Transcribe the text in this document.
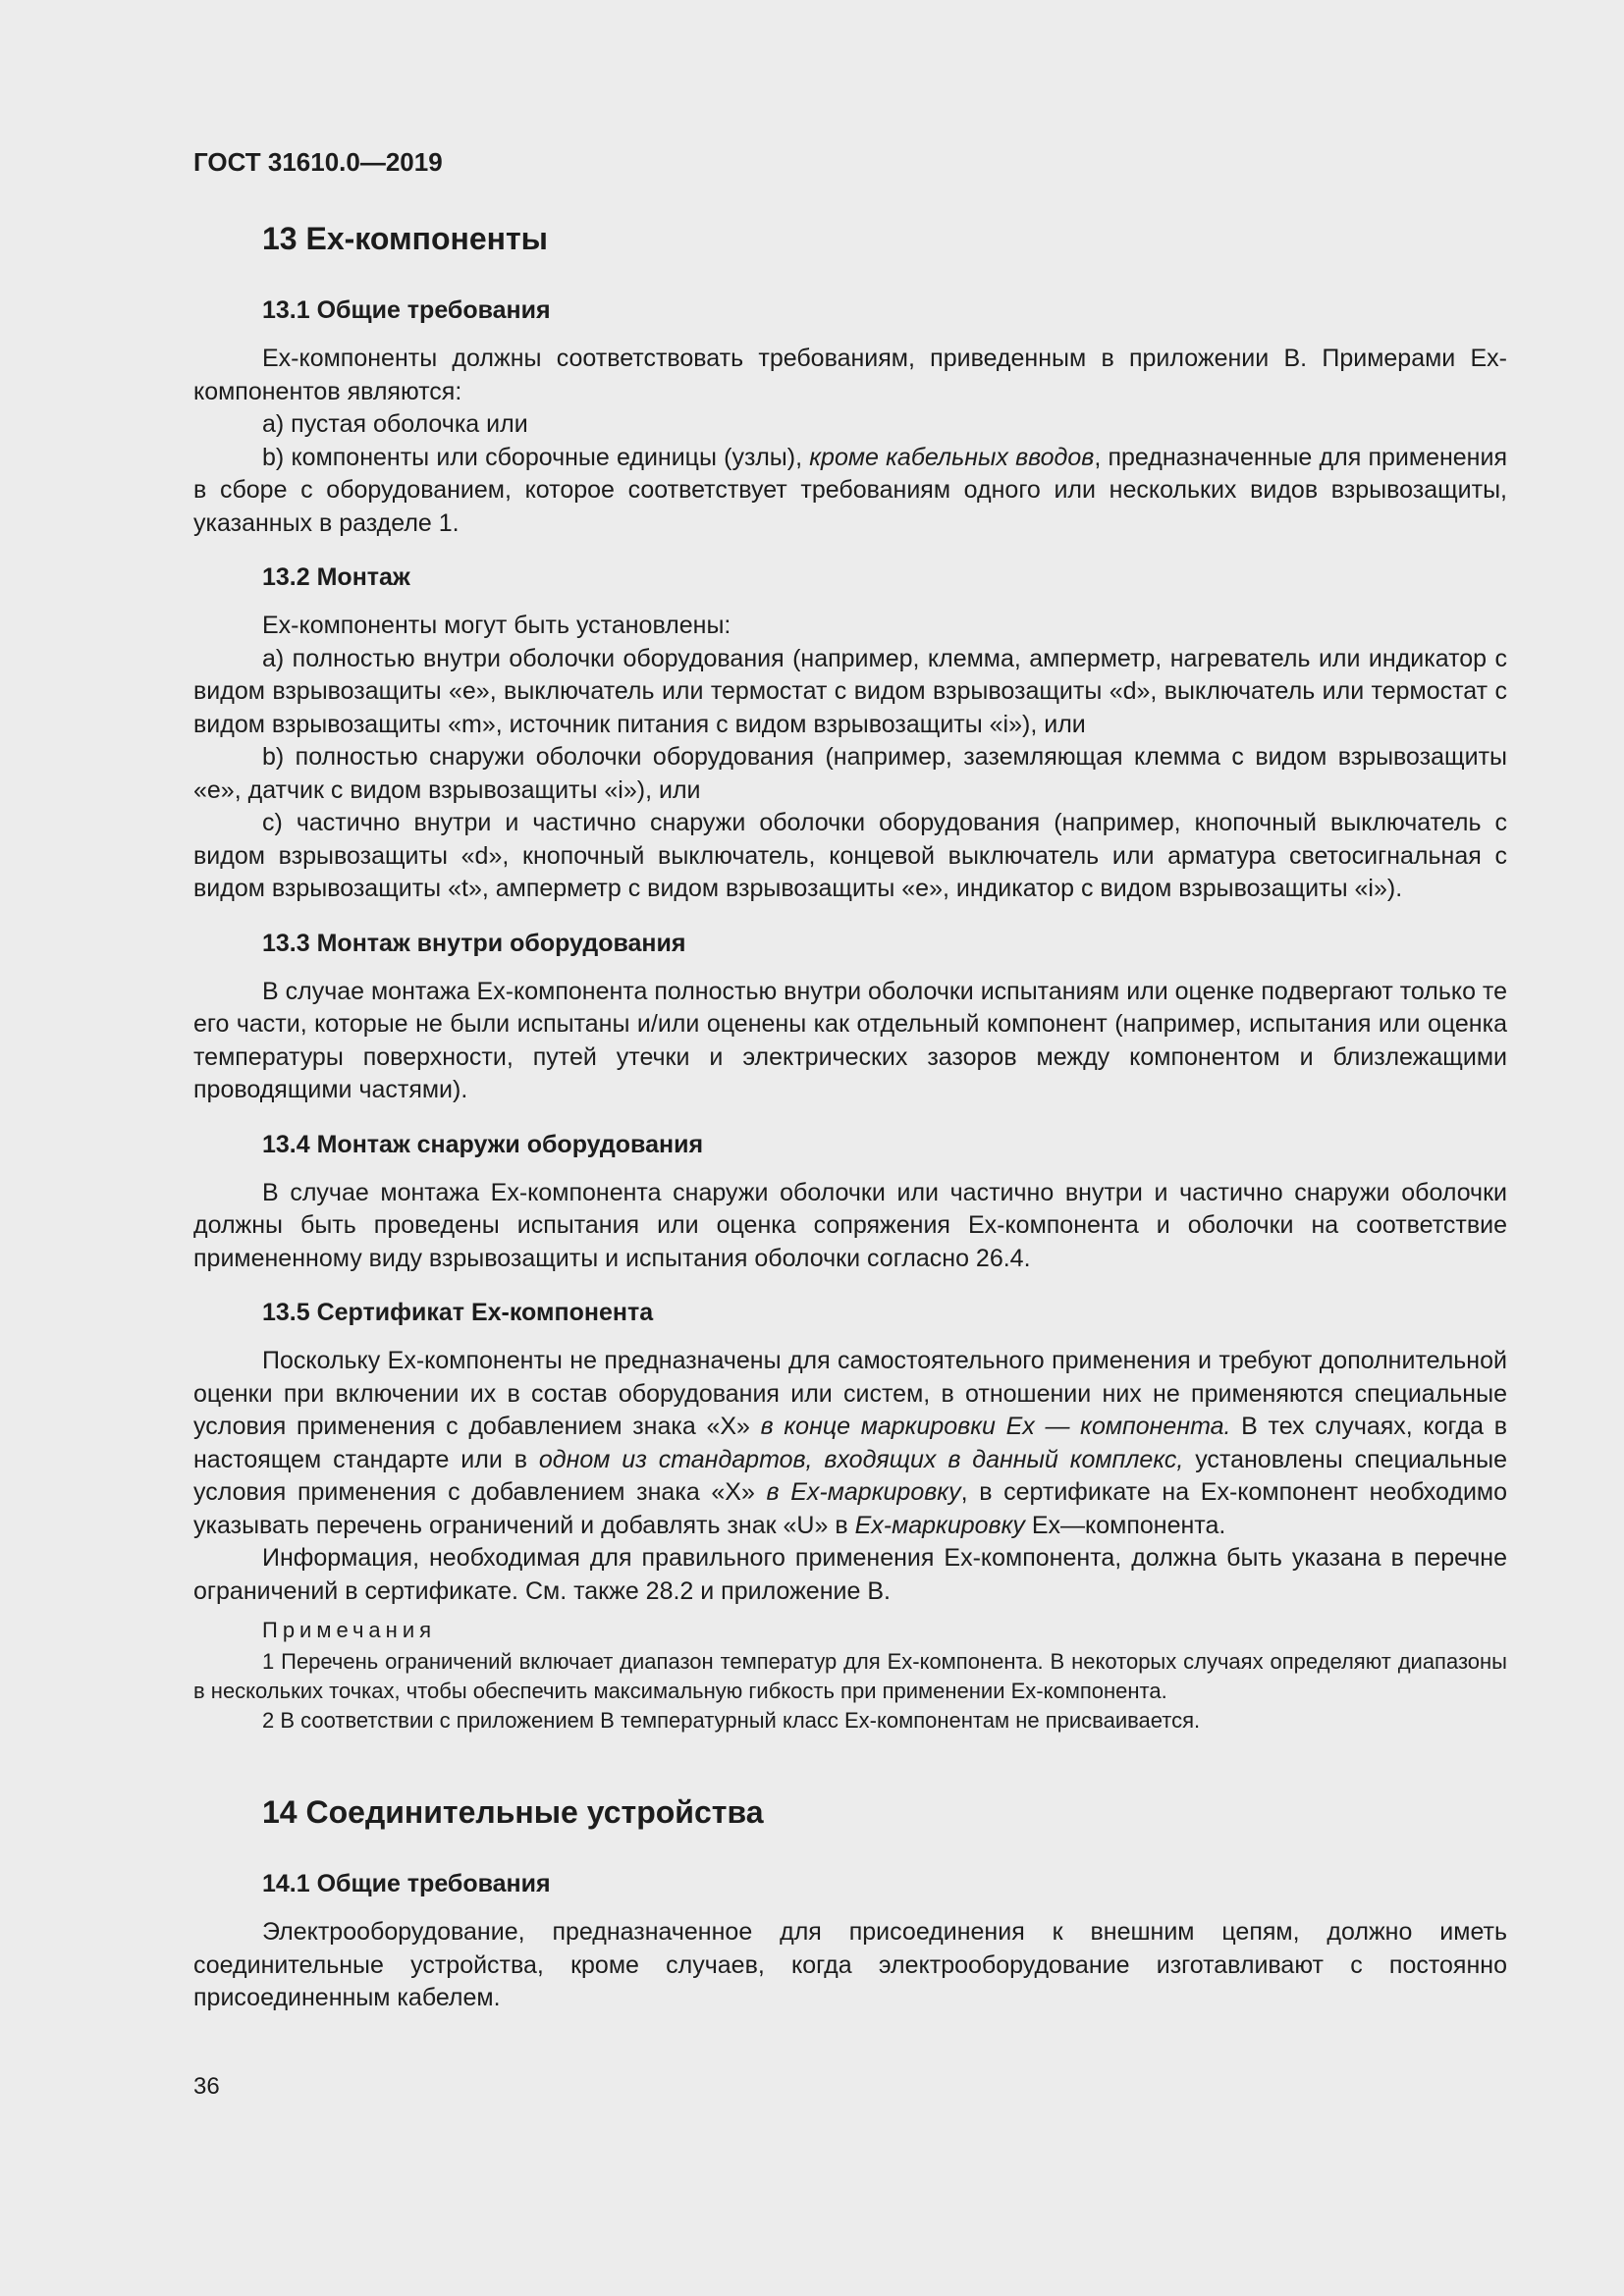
ГОСТ 31610.0—2019
13 Ex-компоненты
13.1 Общие требования

Ex-компоненты должны соответствовать требованиям, приведенным в приложении В. Примерами Ex-компонентов являются:

а) пустая оболочка или

b) компоненты или сборочные единицы (узлы), кроме кабельных вводов, предназначенные для применения в сборе с оборудованием, которое соответствует требованиям одного или нескольких видов взрывозащиты, указанных в разделе 1.

13.2 Монтаж

Ex-компоненты могут быть установлены:

а) полностью внутри оболочки оборудования (например, клемма, амперметр, нагреватель или индикатор с видом взрывозащиты «е», выключатель или термостат с видом взрывозащиты «d», выключатель или термостат с видом взрывозащиты «m», источник питания с видом взрывозащиты «i»), или

b) полностью снаружи оболочки оборудования (например, заземляющая клемма с видом взрывозащиты «е», датчик с видом взрывозащиты «i»), или

с) частично внутри и частично снаружи оболочки оборудования (например, кнопочный выключатель с видом взрывозащиты «d», кнопочный выключатель, концевой выключатель или арматура светосигнальная с видом взрывозащиты «t», амперметр с видом взрывозащиты «е», индикатор с видом взрывозащиты «i»).

13.3 Монтаж внутри оборудования

В случае монтажа Ex-компонента полностью внутри оболочки испытаниям или оценке подвергают только те его части, которые не были испытаны и/или оценены как отдельный компонент (например, испытания или оценка температуры поверхности, путей утечки и электрических зазоров между компонентом и близлежащими проводящими частями).

13.4 Монтаж снаружи оборудования

В случае монтажа Ex-компонента снаружи оболочки или частично внутри и частично снаружи оболочки должны быть проведены испытания или оценка сопряжения Ex-компонента и оболочки на соответствие примененному виду взрывозащиты и испытания оболочки согласно 26.4.

13.5 Сертификат Ex-компонента

Поскольку Ex-компоненты не предназначены для самостоятельного применения и требуют дополнительной оценки при включении их в состав оборудования или систем, в отношении них не применяются специальные условия применения с добавлением знака «X» в конце маркировки Ex — компонента. В тех случаях, когда в настоящем стандарте или в одном из стандартов, входящих в данный комплекс, установлены специальные условия применения с добавлением знака «X» в Ex-маркировку, в сертификате на Ex-компонент необходимо указывать перечень ограничений и добавлять знак «U» в Ex-маркировку Ex—компонента.

Информация, необходимая для правильного применения Ex-компонента, должна быть указана в перечне ограничений в сертификате. См. также 28.2 и приложение В.

Примечания

1 Перечень ограничений включает диапазон температур для Ex-компонента. В некоторых случаях определяют диапазоны в нескольких точках, чтобы обеспечить максимальную гибкость при применении Ex-компонента.

2 В соответствии с приложением В температурный класс Ex-компонентам не присваивается.

14 Соединительные устройства
14.1 Общие требования

Электрооборудование, предназначенное для присоединения к внешним цепям, должно иметь соединительные устройства, кроме случаев, когда электрооборудование изготавливают с постоянно присоединенным кабелем.

36
